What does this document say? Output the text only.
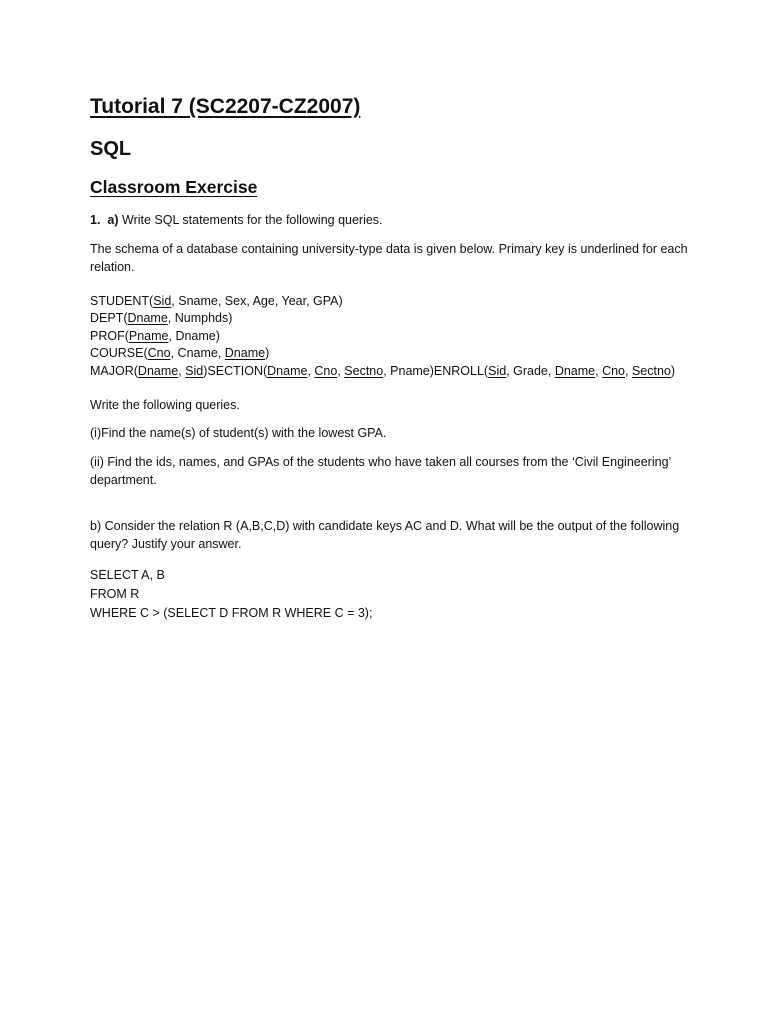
Tutorial 7 (SC2207-CZ2007)
SQL
Classroom Exercise
1. a) Write SQL statements for the following queries.
The schema of a database containing university-type data is given below. Primary key is underlined for each relation.
STUDENT(Sid, Sname, Sex, Age, Year, GPA)
DEPT(Dname, Numphds)
PROF(Pname, Dname)
COURSE(Cno, Cname, Dname)
MAJOR(Dname, Sid)SECTION(Dname, Cno, Sectno, Pname)ENROLL(Sid, Grade, Dname, Cno, Sectno)
Write the following queries.
(i)Find the name(s) of student(s) with the lowest GPA.
(ii) Find the ids, names, and GPAs of the students who have taken all courses from the ‘Civil Engineering’ department.
b) Consider the relation R (A,B,C,D) with candidate keys AC and D. What will be the output of the following query? Justify your answer.
SELECT A, B
FROM R
WHERE C > (SELECT D FROM R WHERE C = 3);
